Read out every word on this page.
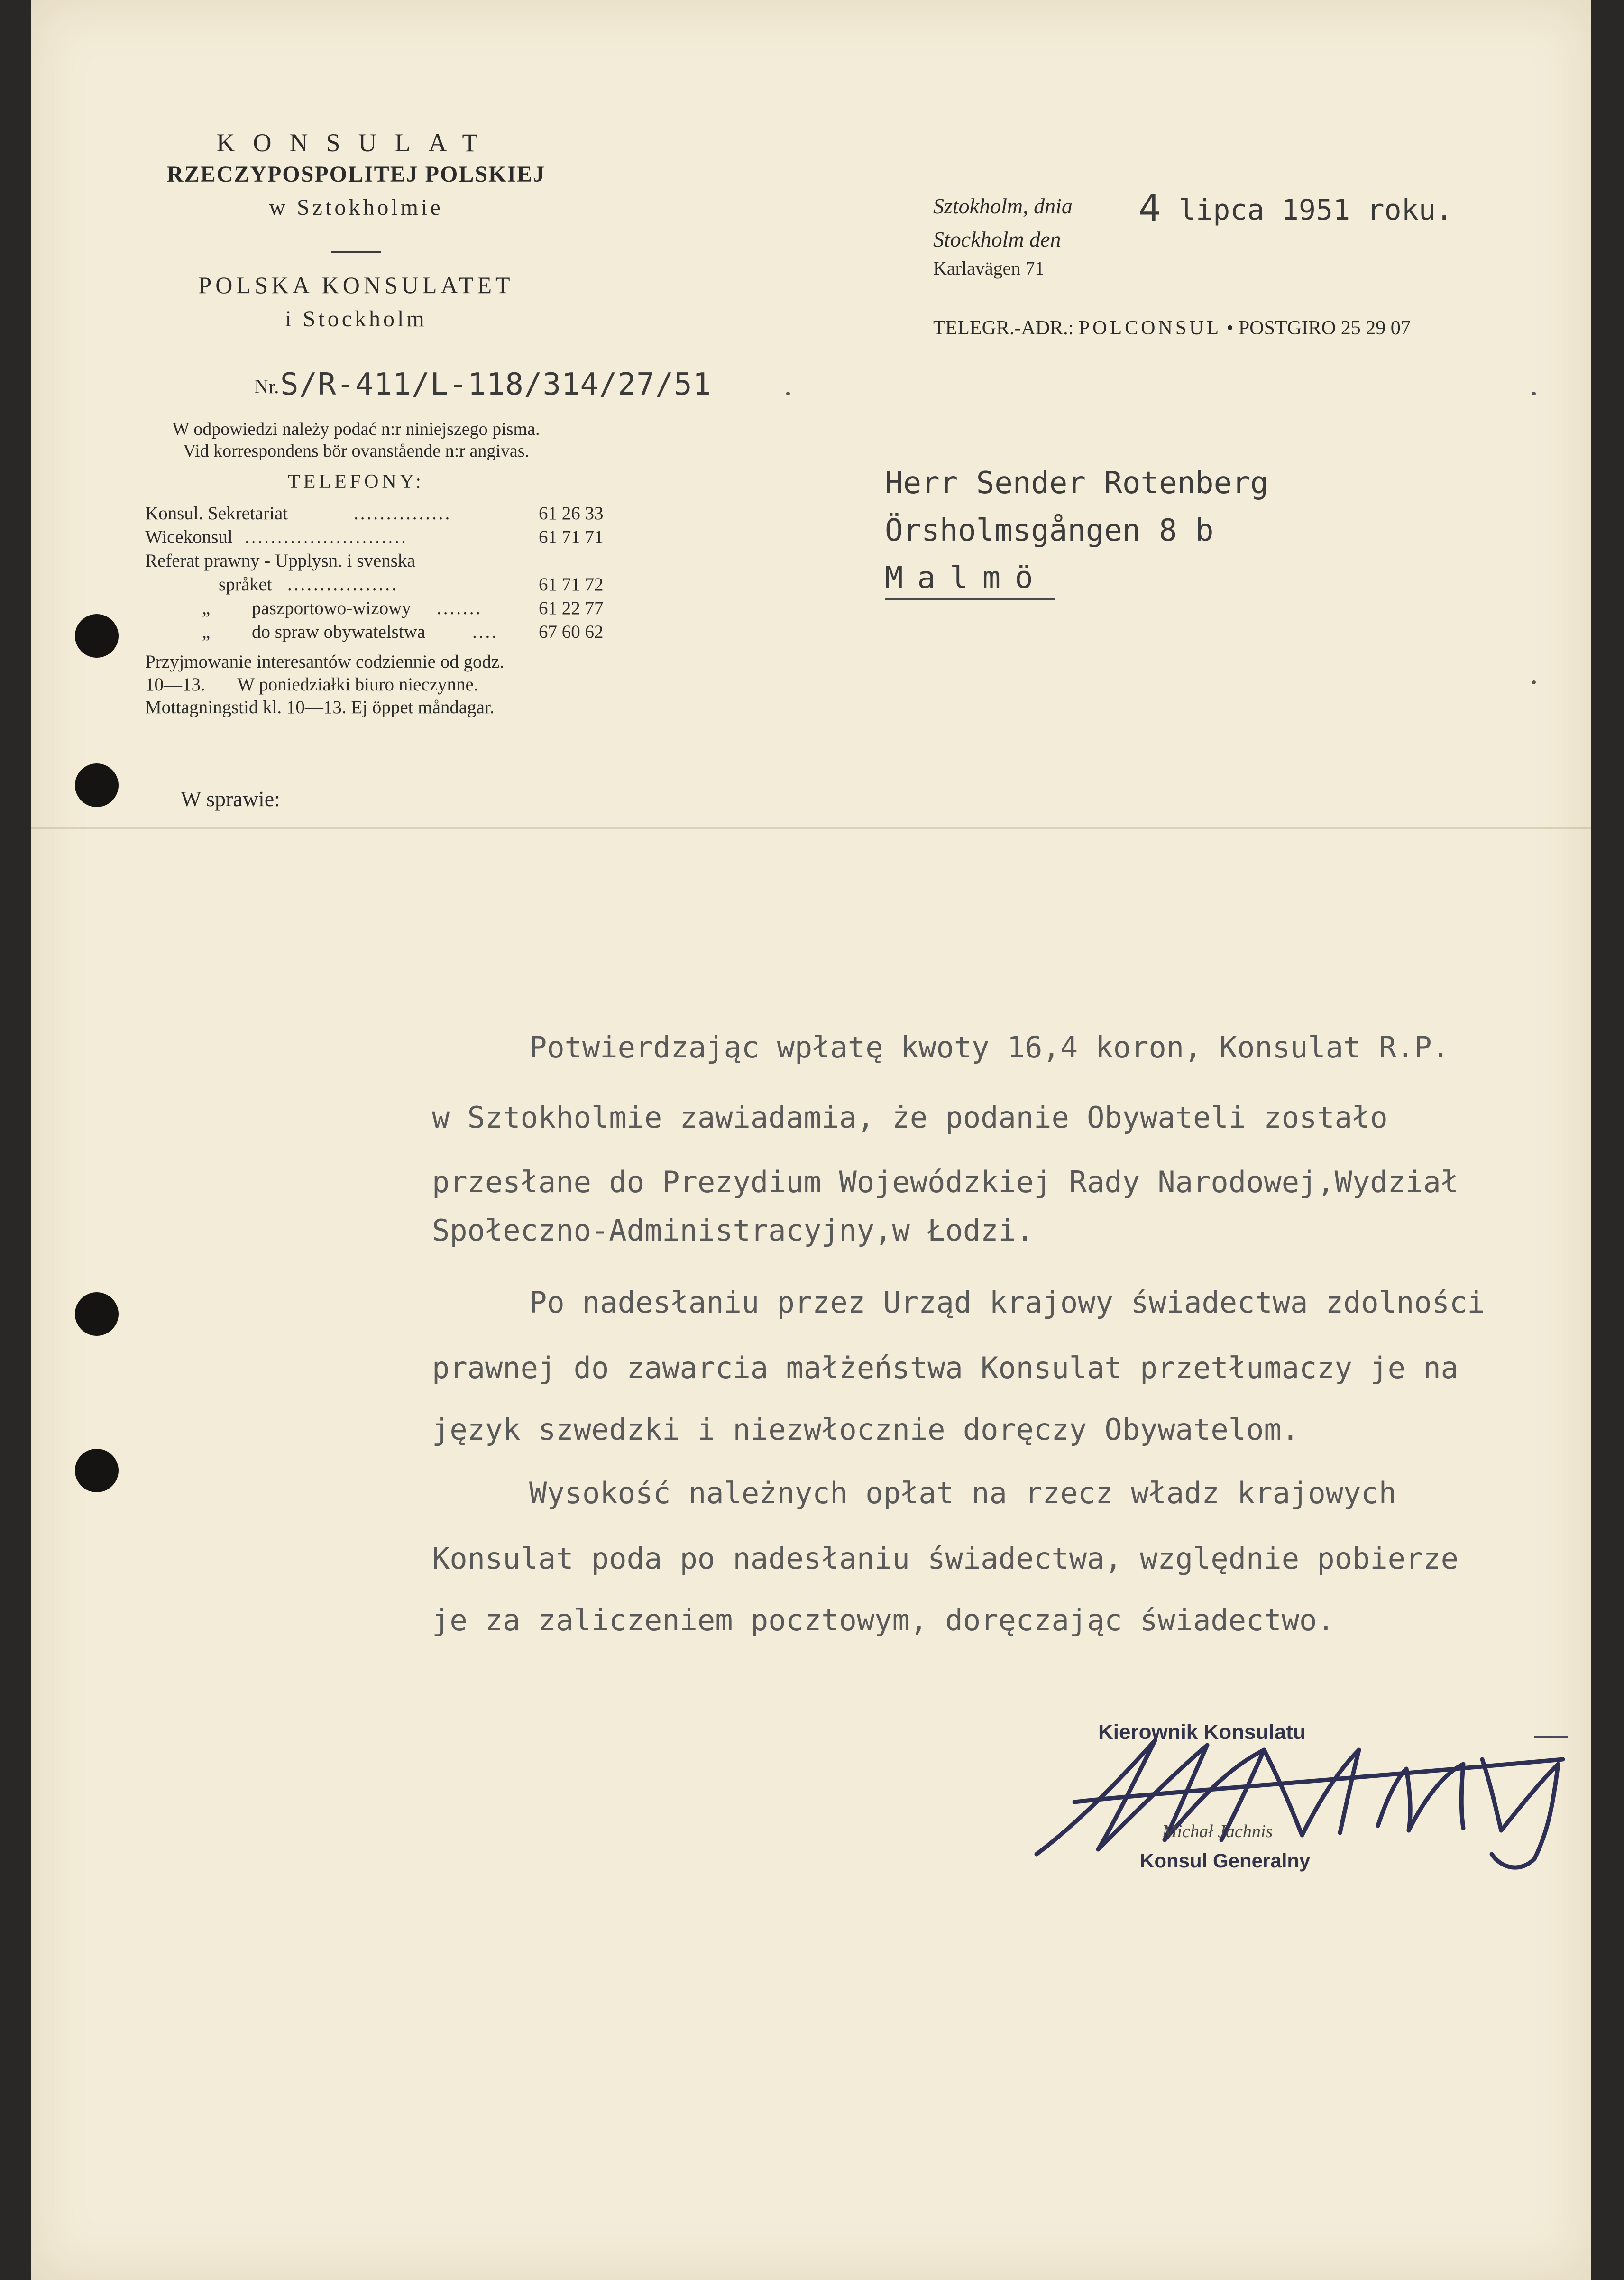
KONSULAT
RZECZYPOSPOLITEJ POLSKIEJ
w Sztokholmie
POLSKA KONSULATET
i Stockholm
Nr. S/R-411/L-118/314/27/51
W odpowiedzi należy podać n:r niniejszego pisma.
Vid korrespondens bör ovanstående n:r angivas.
TELEFONY:
Konsul. Sekretariat	...............	61 26 33
Wicekonsul .........................	61 71 71
Referat prawny - Upplysn. i svenska
språket .................	61 71 72
„ paszportowo-wizowy .......	61 22 77
„ do spraw obywatelstwa	.... 67 60 62
Przyjmowanie interesantów codziennie od godz.
10—13.       W poniedziałki biuro nieczynne.
Mottagningstid kl. 10—13. Ej öppet måndagar.
W sprawie:
Sztokholm, dnia 4 lipca 1951 roku.
Stockholm den
Karlavägen 71
TELEGR.-ADR.: POLCONSUL • POSTGIRO 25 29 07
Herr Sender Rotenberg
Örsholmsgången 8 b
Malmö
Potwierdzając wpłatę kwoty 16,4 koron, Konsulat R.P.
w Sztokholmie zawiadamia, że podanie Obywateli zostało
przesłane do Prezydium Wojewódzkiej Rady Narodowej,Wydział
Społeczno-Administracyjny,w Łodzi.
Po nadesłaniu przez Urząd krajowy świadectwa zdolności
prawnej do zawarcia małżeństwa Konsulat przetłumaczy je na
język szwedzki i niezwłocznie doręczy Obywatelom.
Wysokość należnych opłat na rzecz władz krajowych
Konsulat poda po nadesłaniu świadectwa, względnie pobierze
je za zaliczeniem pocztowym, doręczając świadectwo.
Kierownik Konsulatu
Michał Jachnis
Konsul Generalny
